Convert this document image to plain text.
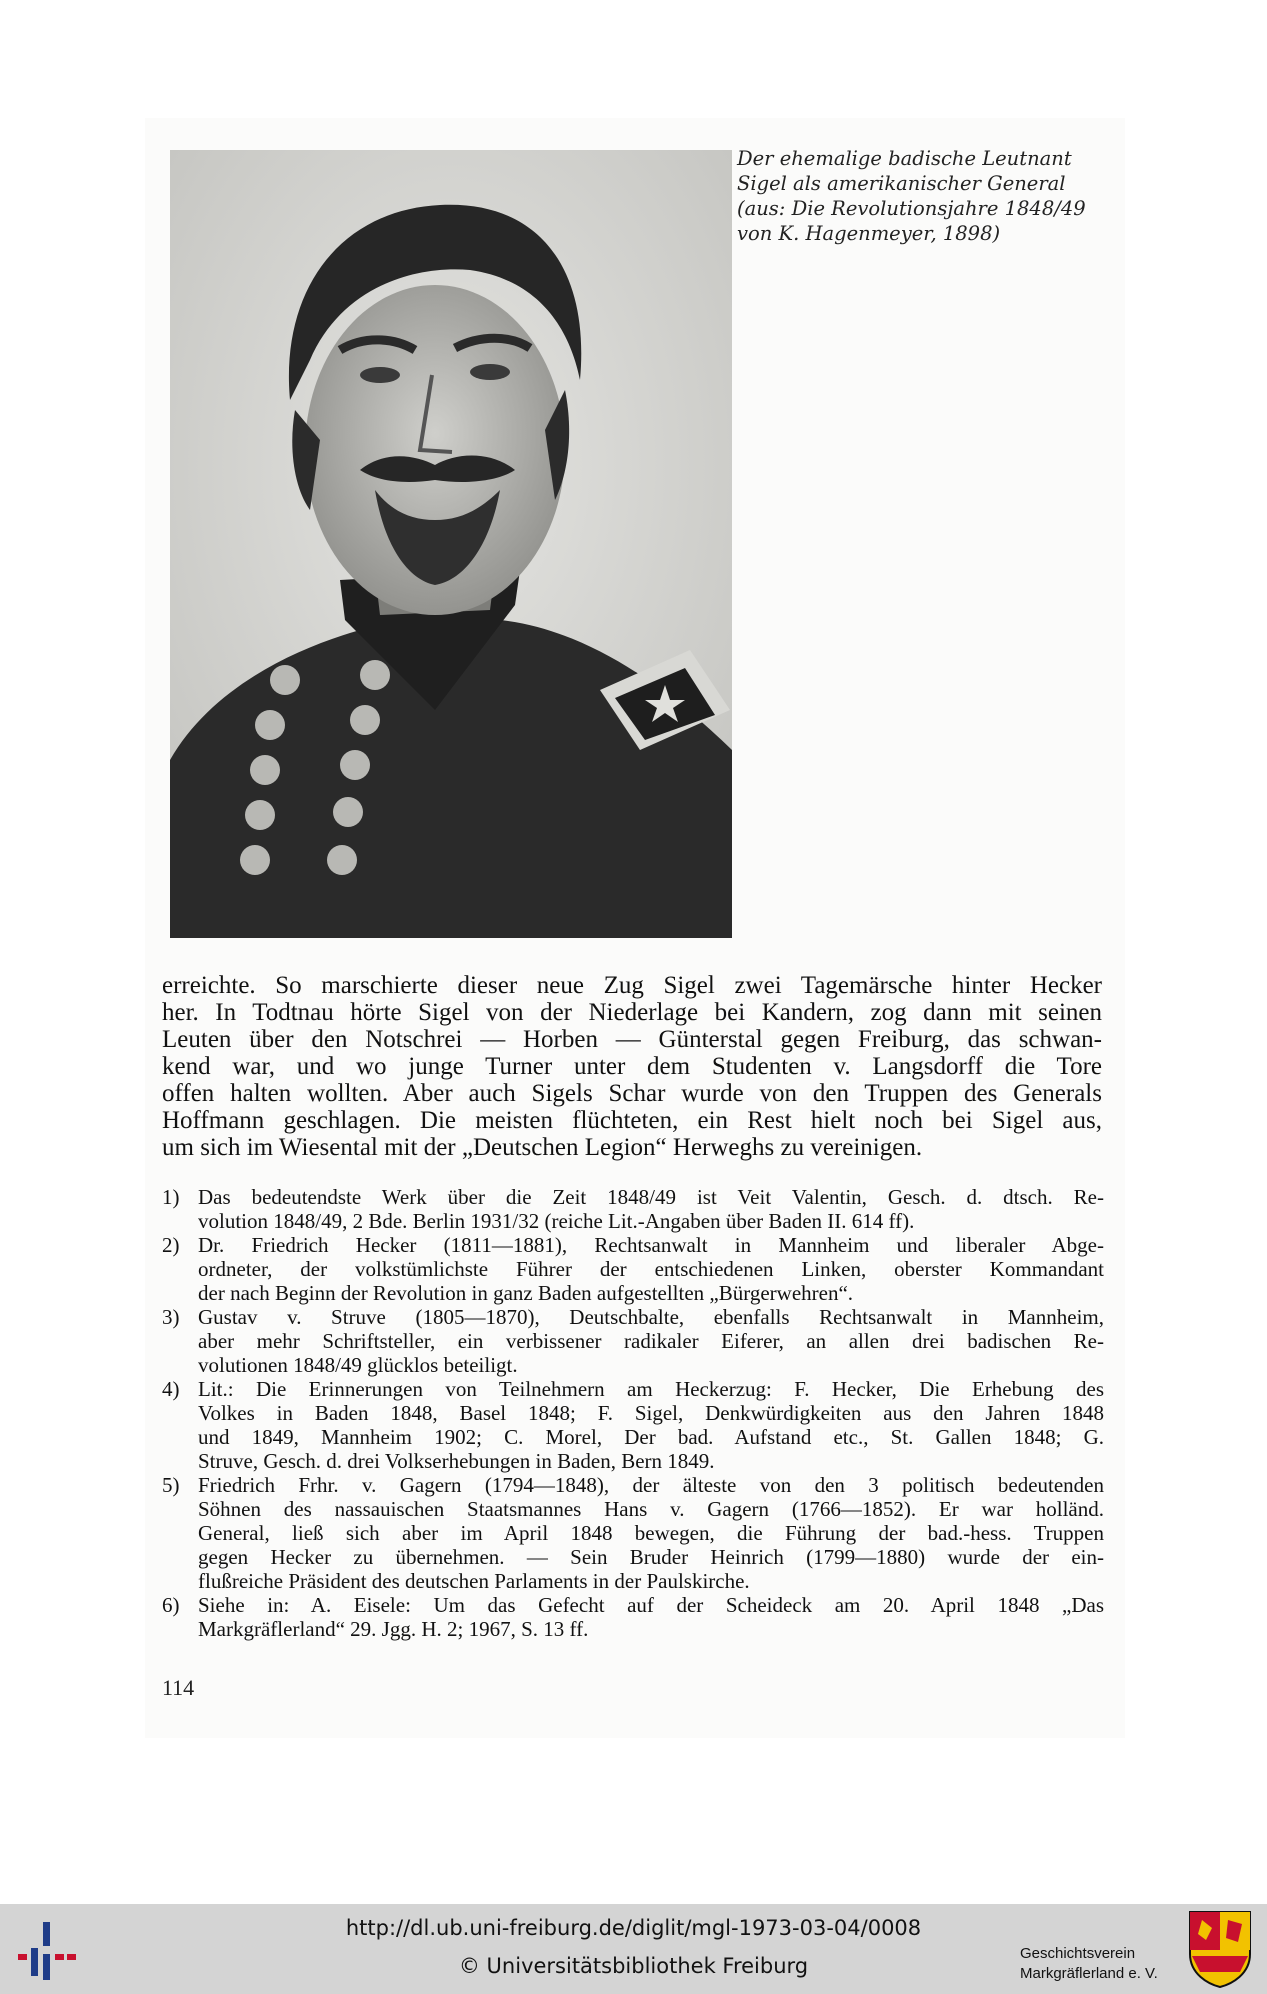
Der ehemalige badische Leutnant
Sigel als amerikanischer General
(aus: Die Revolutionsjahre 1848/49
von K. Hagenmeyer, 1898)
erreichte. So marschierte dieser neue Zug Sigel zwei Tagemärsche hinter Hecker
her. In Todtnau hörte Sigel von der Niederlage bei Kandern, zog dann mit seinen
Leuten über den Notschrei — Horben — Günterstal gegen Freiburg, das schwan-
kend war, und wo junge Turner unter dem Studenten v. Langsdorff die Tore
offen halten wollten. Aber auch Sigels Schar wurde von den Truppen des Generals
Hoffmann geschlagen. Die meisten flüchteten, ein Rest hielt noch bei Sigel aus,
um sich im Wiesental mit der „Deutschen Legion“ Herweghs zu vereinigen.
1) Das bedeutendste Werk über die Zeit 1848/49 ist Veit Valentin, Gesch. d. dtsch. Re-
volution 1848/49, 2 Bde. Berlin 1931/32 (reiche Lit.-Angaben über Baden II. 614 ff).
2) Dr. Friedrich Hecker (1811—1881), Rechtsanwalt in Mannheim und liberaler Abge-
ordneter, der volkstümlichste Führer der entschiedenen Linken, oberster Kommandant
der nach Beginn der Revolution in ganz Baden aufgestellten „Bürgerwehren“.
3) Gustav v. Struve (1805—1870), Deutschbalte, ebenfalls Rechtsanwalt in Mannheim,
aber mehr Schriftsteller, ein verbissener radikaler Eiferer, an allen drei badischen Re-
volutionen 1848/49 glücklos beteiligt.
4) Lit.: Die Erinnerungen von Teilnehmern am Heckerzug: F. Hecker, Die Erhebung des
Volkes in Baden 1848, Basel 1848; F. Sigel, Denkwürdigkeiten aus den Jahren 1848
und 1849, Mannheim 1902; C. Morel, Der bad. Aufstand etc., St. Gallen 1848; G.
Struve, Gesch. d. drei Volkserhebungen in Baden, Bern 1849.
5) Friedrich Frhr. v. Gagern (1794—1848), der älteste von den 3 politisch bedeutenden
Söhnen des nassauischen Staatsmannes Hans v. Gagern (1766—1852). Er war holländ.
General, ließ sich aber im April 1848 bewegen, die Führung der bad.-hess. Truppen
gegen Hecker zu übernehmen. — Sein Bruder Heinrich (1799—1880) wurde der ein-
flußreiche Präsident des deutschen Parlaments in der Paulskirche.
6) Siehe in: A. Eisele: Um das Gefecht auf der Scheideck am 20. April 1848 „Das
Markgräflerland“ 29. Jgg. H. 2; 1967, S. 13 ff.
114
http://dl.ub.uni-freiburg.de/diglit/mgl-1973-03-04/0008
© Universitätsbibliothek Freiburg
Geschichtsverein
Markgräflerland e. V.
